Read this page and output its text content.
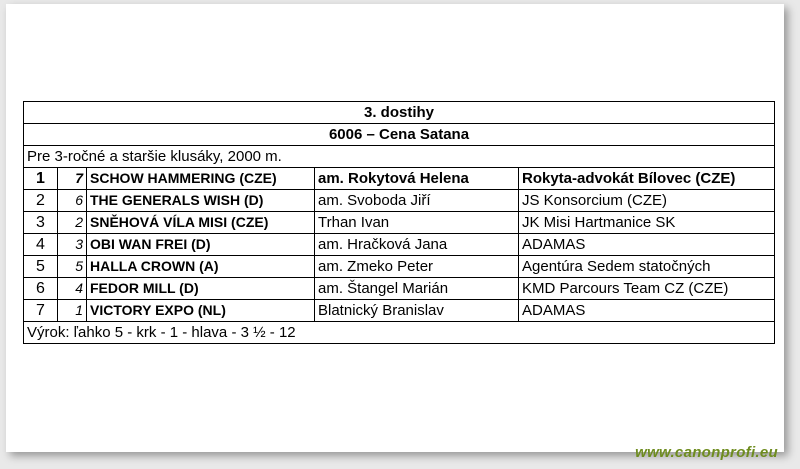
3. dostihy				
6006 – Cena Satana				
Pre 3-ročné a staršie klusáky, 2000 m.				
1	7	SCHOW HAMMERING (CZE)	am. Rokytová Helena	Rokyta-advokát Bílovec (CZE)
2	6	THE GENERALS WISH (D)	am. Svoboda Jiří	JS Konsorcium (CZE)
3	2	SNĚHOVÁ VÍLA MISI (CZE)	Trhan Ivan	JK Misi Hartmanice SK
4	3	OBI WAN FREI (D)	am. Hračková Jana	ADAMAS
5	5	HALLA CROWN (A)	am. Zmeko Peter	Agentúra Sedem statočných
6	4	FEDOR MILL (D)	am. Štangel Marián	KMD Parcours Team CZ (CZE)
7	1	VICTORY EXPO (NL)	Blatnický Branislav	ADAMAS
Výrok: ľahko 5 - krk - 1 - hlava - 3 ½ - 12				
www.canonprofi.eu
